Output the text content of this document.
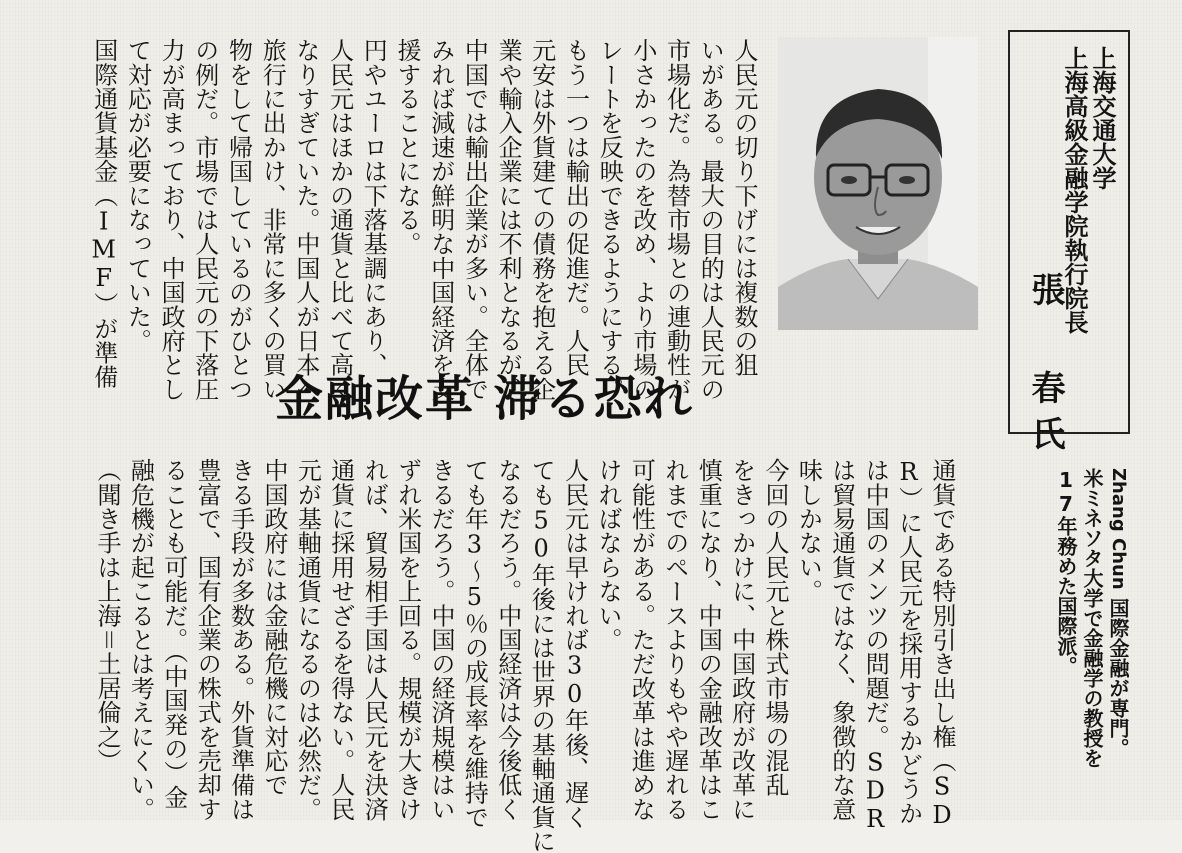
人民元の切り下げには複数の狙
いがある。最大の目的は人民元の
市場化だ。為替市場との連動性が
小さかったのを改め、より市場の
レートを反映できるようにする。
もう一つは輸出の促進だ。人民
元安は外貨建ての債務を抱える企
業や輸入企業には不利となるが、
中国では輸出企業が多い。全体で
みれば減速が鮮明な中国経済を支
援することになる。
円やユーロは下落基調にあり、
人民元はほかの通貨と比べて高く
なりすぎていた。中国人が日本へ
旅行に出かけ、非常に多くの買い
物をして帰国しているのがひとつ
の例だ。市場では人民元の下落圧
力が高まっており、中国政府とし
て対応が必要になっていた。
国際通貨基金（IMF）が準備	上海交通大学
上海高級金融学院執行院長
張 春氏
金融改革 滞る恐れ
Zhang Chun国際金融が専門。
米ミネソタ大学で金融学の教授を
17年務めた国際派。
通貨である特別引き出し権（SD
R）に人民元を採用するかどうか
は中国のメンツの問題だ。SDR
は貿易通貨ではなく、象徴的な意
味しかない。
今回の人民元と株式市場の混乱
をきっかけに、中国政府が改革に
慎重になり、中国の金融改革はこ
れまでのペースよりもやや遅れる
可能性がある。ただ改革は進めな
ければならない。
人民元は早ければ30年後、遅く
ても50年後には世界の基軸通貨に
なるだろう。中国経済は今後低く
ても年3〜5％の成長率を維持で
きるだろう。中国の経済規模はい
ずれ米国を上回る。規模が大きけ
れば、貿易相手国は人民元を決済
通貨に採用せざるを得ない。人民
元が基軸通貨になるのは必然だ。
中国政府には金融危機に対応で
きる手段が多数ある。外貨準備は
豊富で、国有企業の株式を売却す
ることも可能だ。（中国発の）金
融危機が起こるとは考えにくい。
（聞き手は上海＝土居倫之）
